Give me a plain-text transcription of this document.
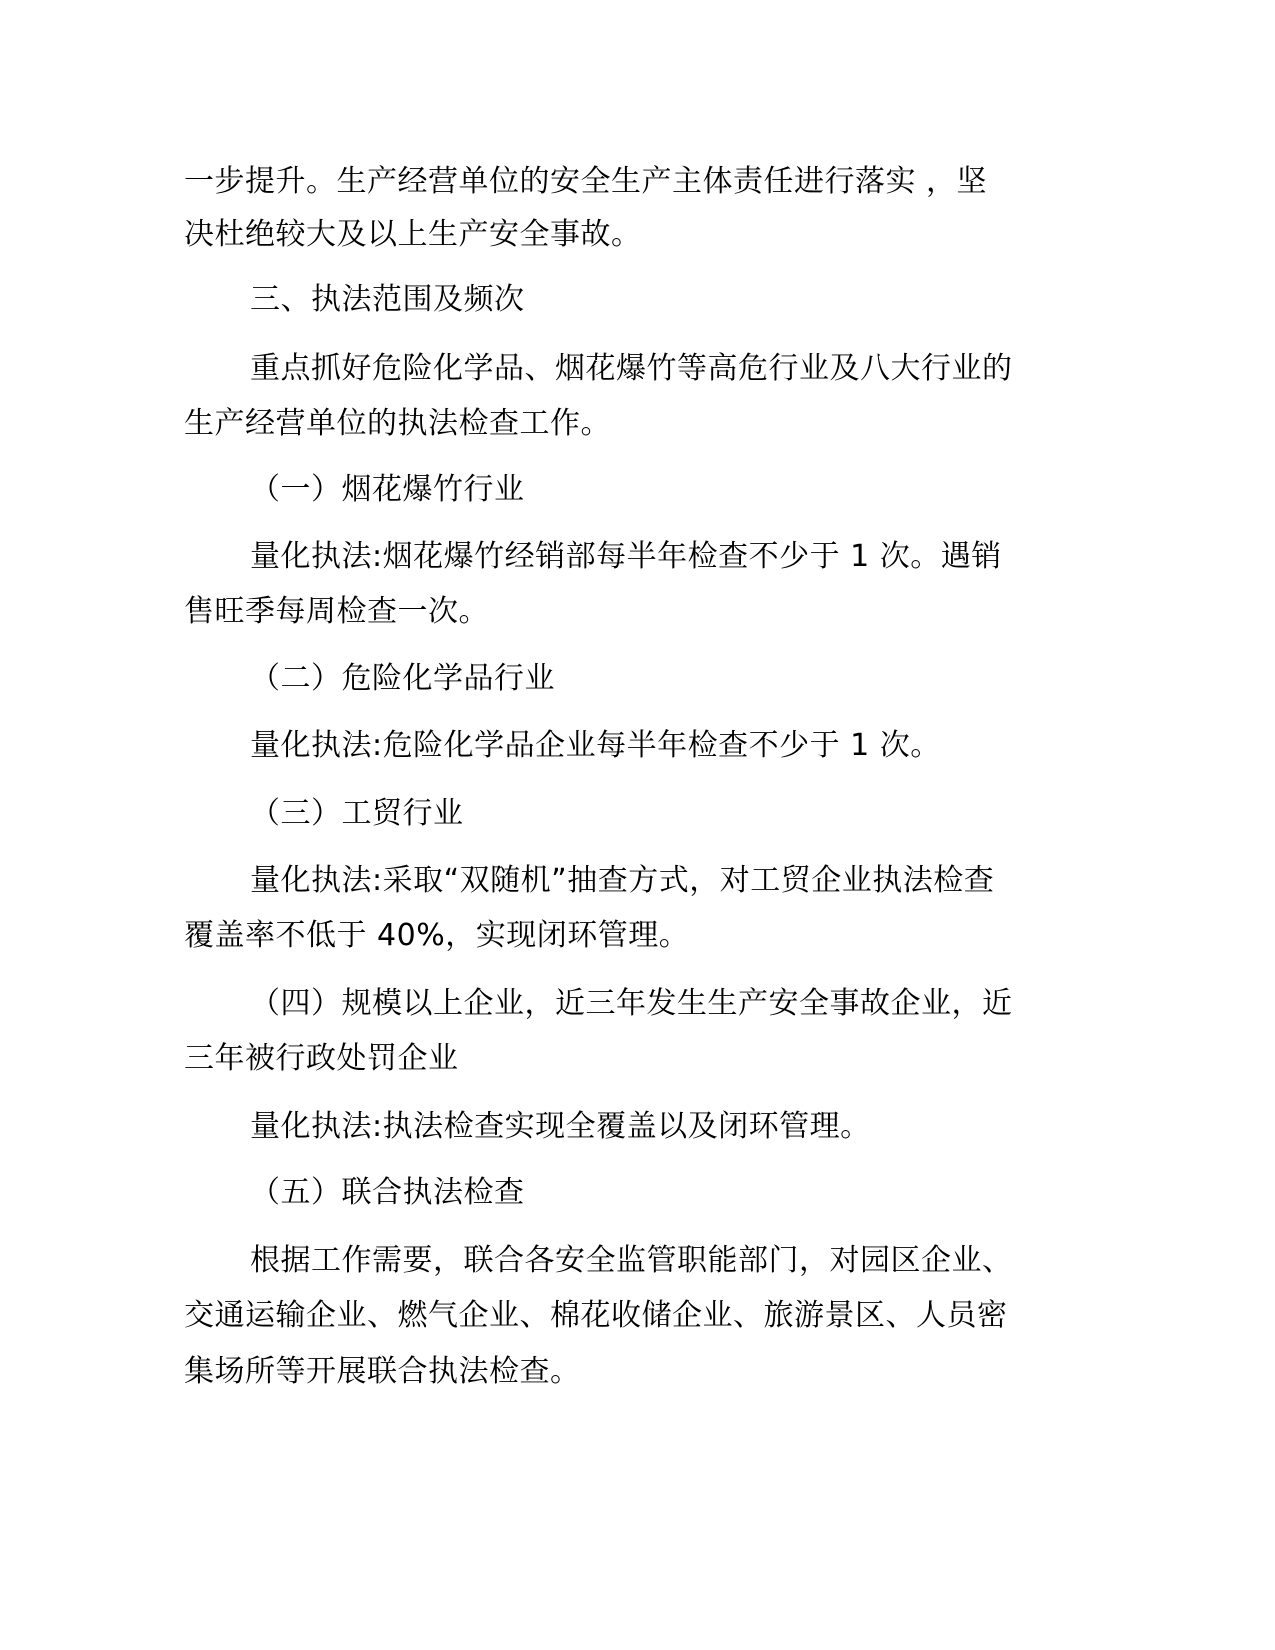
一步提升。生产经营单位的安全生产主体责任进行落实 ，坚
决杜绝较大及以上生产安全事故。
三、执法范围及频次
重点抓好危险化学品、烟花爆竹等高危行业及八大行业的
生产经营单位的执法检查工作。
（一）烟花爆竹行业
量化执法:烟花爆竹经销部每半年检查不少于 1 次。遇销
售旺季每周检查一次。
（二）危险化学品行业
量化执法:危险化学品企业每半年检查不少于 1 次。
（三）工贸行业
量化执法:采取“双随机”抽查方式，对工贸企业执法检查
覆盖率不低于 40%，实现闭环管理。
（四）规模以上企业，近三年发生生产安全事故企业，近
三年被行政处罚企业
量化执法:执法检查实现全覆盖以及闭环管理。
（五）联合执法检查
根据工作需要，联合各安全监管职能部门，对园区企业、
交通运输企业、燃气企业、棉花收储企业、旅游景区、人员密
集场所等开展联合执法检查。
